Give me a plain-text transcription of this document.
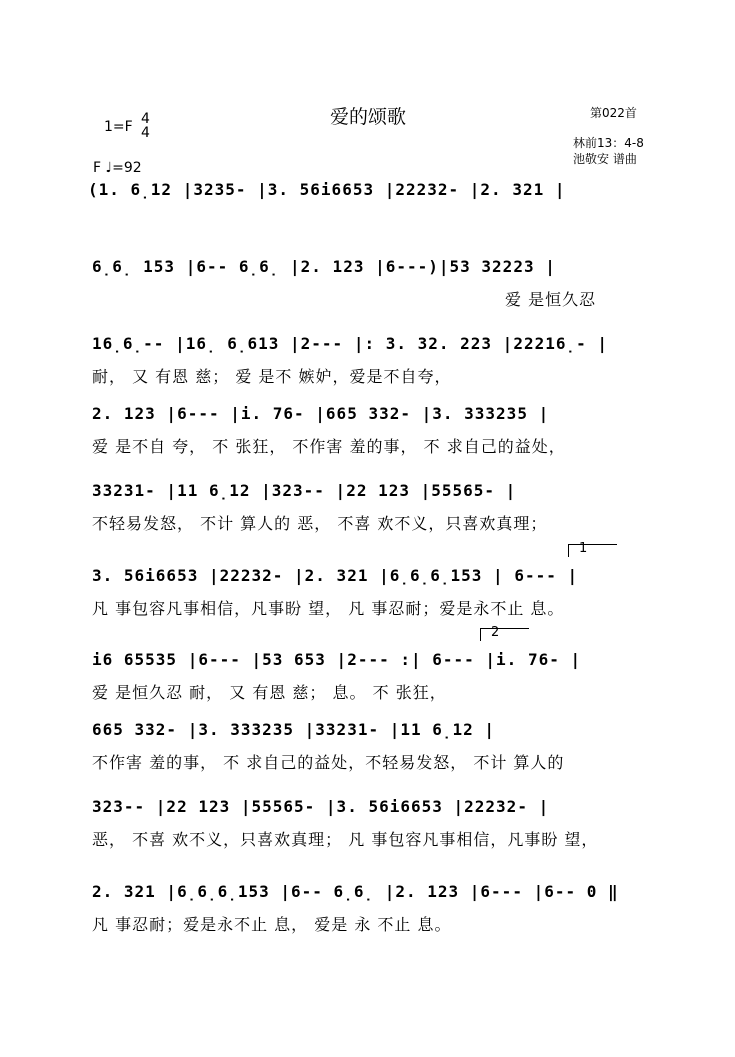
爱的颂歌	第022首
1=F 4
4
林前13：4-8
池敬安 谱曲
F ♩=92
(1. 6̣12 |3235- |3. 56i6653 |22232- |2. 321 |
6̣6̣ 153 |6-- 6̣6̣ |2. 123 |6---)|53 32223 |
爱 是恒久忍
16̣6̣-- |16̣ 6̣613 |2--- |: 3. 32. 223 |22216̣- |
耐， 又 有恩 慈； 爱 是不 嫉妒，爱是不自夸，
2. 123 |6--- |i. 76- |665 332- |3. 333235 |
爱 是不自 夸， 不 张狂， 不作害 羞的事， 不 求自己的益处，
33231- |11 6̣12 |323-- |22 123 |55565- |
不轻易发怒， 不计 算人的 恶， 不喜 欢不义，只喜欢真理；
1
3. 56i6653 |22232- |2. 321 |6̣6̣6̣153 | 6--- |
凡 事包容凡事相信，凡事盼 望， 凡 事忍耐；爱是永不止 息。
2
i6 65535 |6--- |53 653 |2--- :| 6--- |i. 76- |
爱 是恒久忍 耐， 又 有恩 慈； 息。 不 张狂，
665 332- |3. 333235 |33231- |11 6̣12 |
不作害 羞的事， 不 求自己的益处，不轻易发怒， 不计 算人的
323-- |22 123 |55565- |3. 56i6653 |22232- |
恶， 不喜 欢不义，只喜欢真理； 凡 事包容凡事相信，凡事盼 望，
2. 321 |6̣6̣6̣153 |6-- 6̣6̣ |2. 123 |6--- |6-- 0 ‖
凡 事忍耐；爱是永不止 息， 爱是 永 不止 息。
